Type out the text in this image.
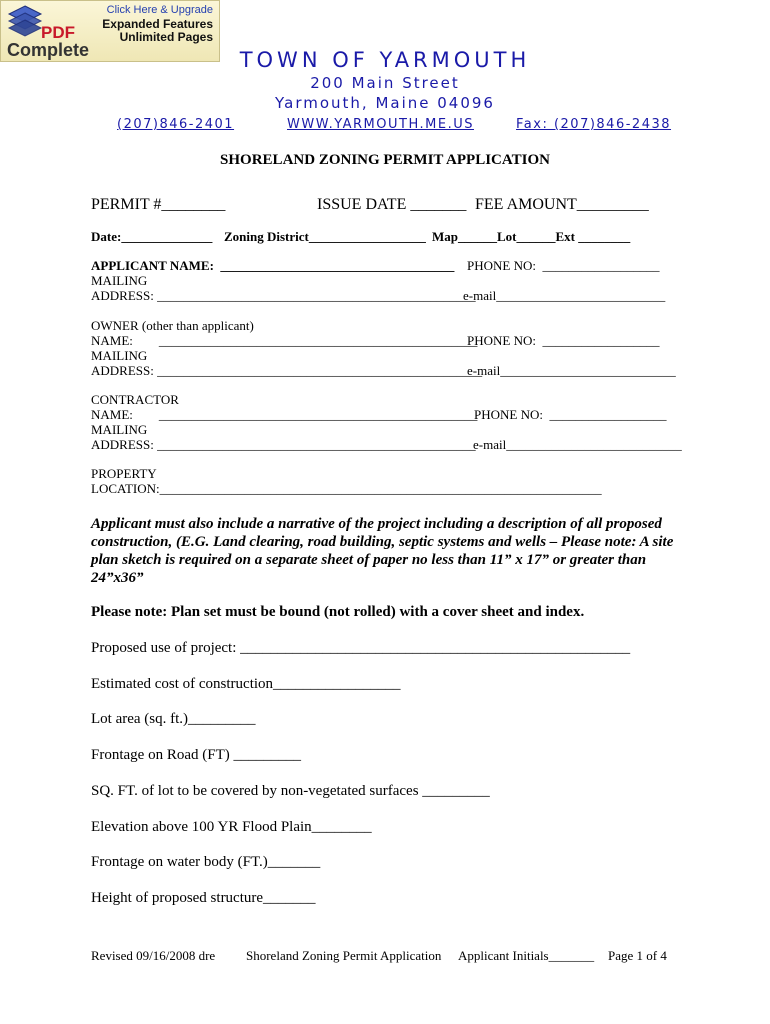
PDF
Complete
Click Here & Upgrade
Expanded Features
Unlimited Pages
TOWN OF YARMOUTH
200 Main Street
Yarmouth, Maine 04096
(207)846-2401	WWW.YARMOUTH.ME.US	Fax: (207)846-2438
SHORELAND ZONING PERMIT APPLICATION
PERMIT #________	ISSUE DATE _______ FEE AMOUNT_________
Date:______________ Zoning District__________________ Map______Lot______Ext ________
APPLICANT NAME:  ____________________________________ PHONE NO:  __________________
MAILING
ADDRESS: _________________________________________________
e-mail__________________________
OWNER (other than applicant)
NAME:        _________________________________________________
PHONE NO:  __________________
MAILING
ADDRESS: __________________________________________________
e-mail___________________________
CONTRACTOR
NAME:        _________________________________________________
PHONE NO:  __________________
MAILING
ADDRESS: _________________________________________________
e-mail___________________________
PROPERTY
LOCATION:____________________________________________________________________
Applicant must also include a narrative of the project including a description of all proposed construction, (E.G. Land clearing, road building, septic systems and wells – Please note: A site plan sketch is required on a separate sheet of paper no less than 11” x 17” or greater than 24”x36”
Please note: Plan set must be bound (not rolled) with a cover sheet and index.
Proposed use of project: ____________________________________________________
Estimated cost of construction_________________
Lot area (sq. ft.)_________
Frontage on Road (FT) _________
SQ. FT. of lot to be covered by non-vegetated surfaces _________
Elevation above 100 YR Flood Plain________
Frontage on water body (FT.)_______
Height of proposed structure_______
Revised 09/16/2008 dre Shoreland Zoning Permit Application Applicant Initials_______ Page 1 of 4
